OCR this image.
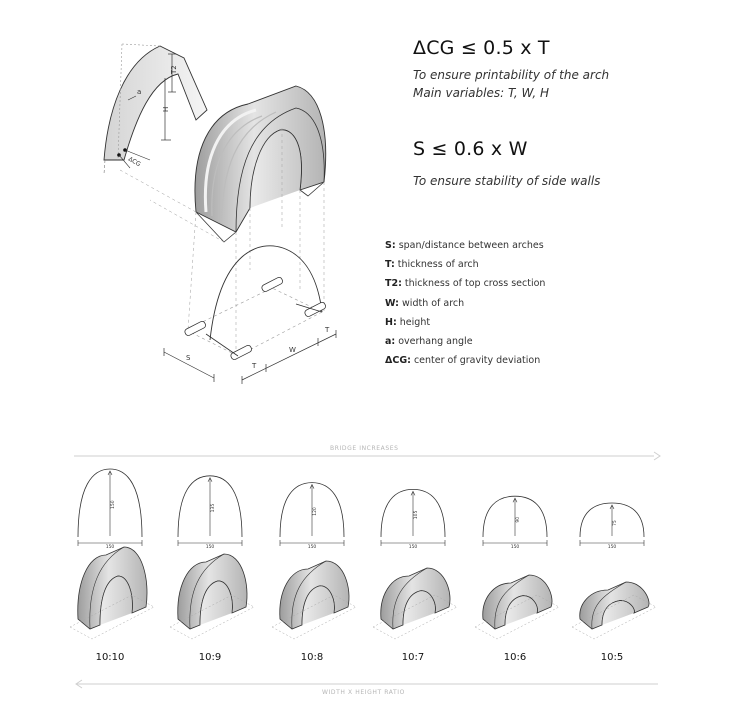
T2
H
a
ΔCG
S
T
W
T
150
150
135
150
120
150
105
150
90
150
75
150
ΔCG ≤ 0.5 x T
To ensure printability of the arch
Main variables: T, W, H
S ≤ 0.6 x W
To ensure stability of side walls
S: span/distance between arches
T: thickness of arch
T2: thickness of top cross section
W: width of arch
H: height
a: overhang angle
ΔCG: center of gravity deviation
BRIDGE INCREASES
WIDTH X HEIGHT RATIO
10:10	10:9	10:8	10:7	10:6	10:5
